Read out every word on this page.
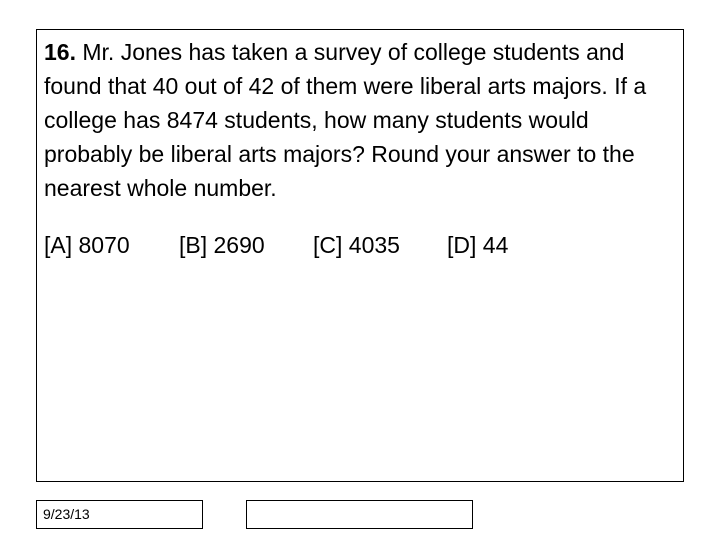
16. Mr. Jones has taken a survey of college students and found that 40 out of 42 of them were liberal arts majors. If a college has 8474 students, how many students would probably be liberal arts majors? Round your answer to the nearest whole number.

[A] 8070 [B] 2690 [C] 4035 [D] 44
9/23/13
